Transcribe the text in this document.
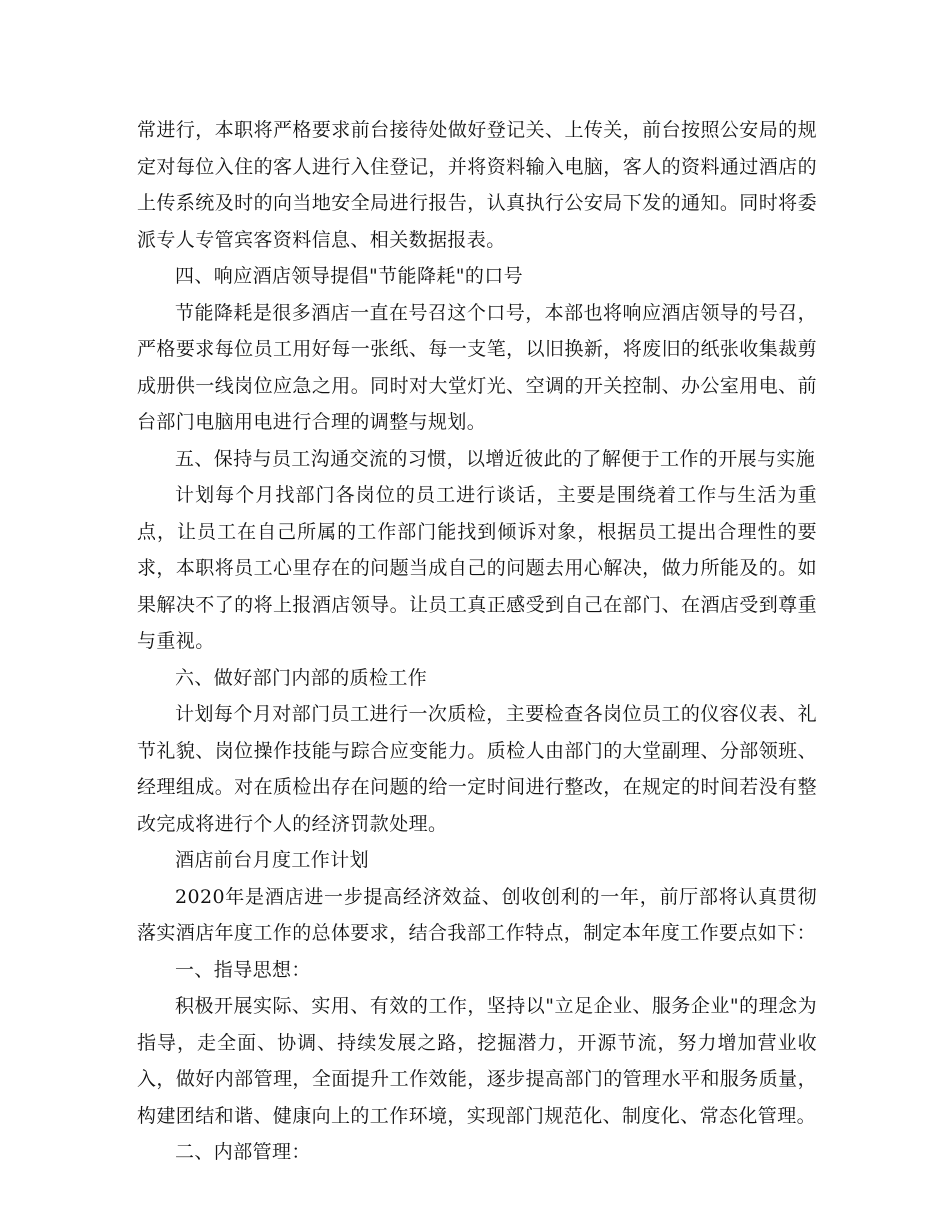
常进行，本职将严格要求前台接待处做好登记关、上传关，前台按照公安局的规定对每位入住的客人进行入住登记，并将资料输入电脑，客人的资料通过酒店的上传系统及时的向当地安全局进行报告，认真执行公安局下发的通知。同时将委派专人专管宾客资料信息、相关数据报表。

四、响应酒店领导提倡"节能降耗"的口号

节能降耗是很多酒店一直在号召这个口号，本部也将响应酒店领导的号召，严格要求每位员工用好每一张纸、每一支笔，以旧换新，将废旧的纸张收集裁剪成册供一线岗位应急之用。同时对大堂灯光、空调的开关控制、办公室用电、前台部门电脑用电进行合理的调整与规划。

五、保持与员工沟通交流的习惯，以增近彼此的了解便于工作的开展与实施

计划每个月找部门各岗位的员工进行谈话，主要是围绕着工作与生活为重点，让员工在自己所属的工作部门能找到倾诉对象，根据员工提出合理性的要求，本职将员工心里存在的问题当成自己的问题去用心解决，做力所能及的。如果解决不了的将上报酒店领导。让员工真正感受到自己在部门、在酒店受到尊重与重视。

六、做好部门内部的质检工作

计划每个月对部门员工进行一次质检，主要检查各岗位员工的仪容仪表、礼节礼貌、岗位操作技能与踪合应变能力。质检人由部门的大堂副理、分部领班、经理组成。对在质检出存在问题的给一定时间进行整改，在规定的时间若没有整改完成将进行个人的经济罚款处理。

酒店前台月度工作计划

2020年是酒店进一步提高经济效益、创收创利的一年，前厅部将认真贯彻落实酒店年度工作的总体要求，结合我部工作特点，制定本年度工作要点如下：

一、指导思想：

积极开展实际、实用、有效的工作，坚持以"立足企业、服务企业"的理念为指导，走全面、协调、持续发展之路，挖掘潜力，开源节流，努力增加营业收入，做好内部管理，全面提升工作效能，逐步提高部门的管理水平和服务质量，构建团结和谐、健康向上的工作环境，实现部门规范化、制度化、常态化管理。

二、内部管理：
